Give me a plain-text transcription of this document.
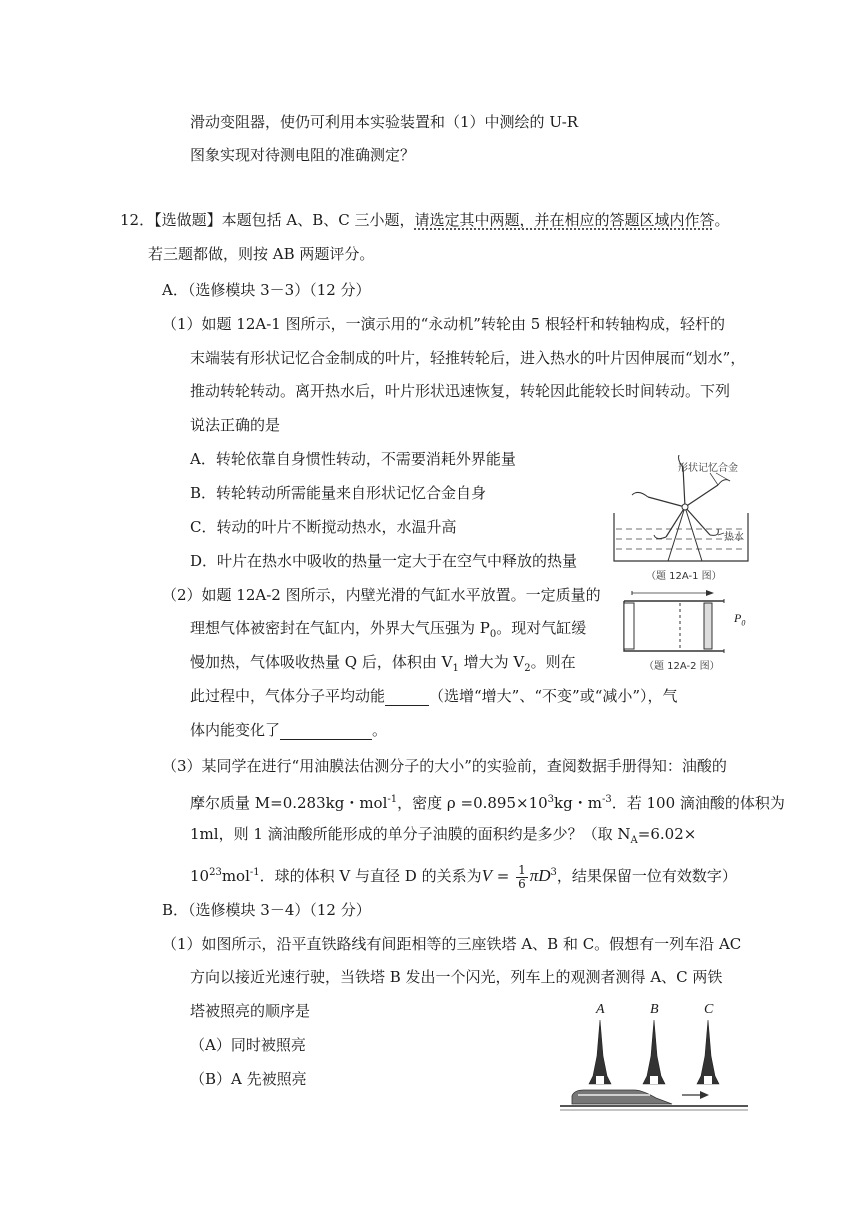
滑动变阻器，使仍可利用本实验装置和（1）中测绘的 U-R
图象实现对待测电阻的准确测定？
12．【选做题】本题包括 A、B、C 三小题，请选定其中两题，并在相应的答题区域内作答。
若三题都做，则按 AB 两题评分。
A．（选修模块 3－3）（12 分）
（1）如题 12A-1 图所示，一演示用的“永动机”转轮由 5 根轻杆和转轴构成，轻杆的
末端装有形状记忆合金制成的叶片，轻推转轮后，进入热水的叶片因伸展而“划水”，
推动转轮转动。离开热水后，叶片形状迅速恢复，转轮因此能较长时间转动。下列
说法正确的是
A．转轮依靠自身惯性转动，不需要消耗外界能量
B．转轮转动所需能量来自形状记忆合金自身
C．转动的叶片不断搅动热水，水温升高
D．叶片在热水中吸收的热量一定大于在空气中释放的热量
形状记忆合金
热水
（题 12A-1 图）
（2）如题 12A-2 图所示，内壁光滑的气缸水平放置。一定质量的
理想气体被密封在气缸内，外界大气压强为 $P_0$。现对气缸缓
慢加热，气体吸收热量 Q 后，体积由 $V_1$ 增大为 $V_2$。则在
此过程中，气体分子平均动能	（选增“增大”、“不变”或“减小”），气
体内能变化了	。
$P_0$
（题 12A-2 图）
（3）某同学在进行“用油膜法估测分子的大小”的实验前，查阅数据手册得知：油酸的
摩尔质量 M=0.283kg・mol$^{-1}$，密度 $\rho =0.895\times 10^3kg$・$m^{-3}$．若 100 滴油酸的体积为
1ml，则 1 滴油酸所能形成的单分子油膜的面积约是多少？（取 $N_A=6.02\times$
$10^{23}mol^{-1}$．球的体积 V 与直径 D 的关系为$V = \frac{1}{6} \pi D^3$，结果保留一位有效数字）
B．（选修模块 3－4）（12 分）
（1）如图所示，沿平直铁路线有间距相等的三座铁塔 A、B 和 C。假想有一列车沿 AC
方向以接近光速行驶，当铁塔 B 发出一个闪光，列车上的观测者测得 A、C 两铁
塔被照亮的顺序是
（A）同时被照亮
（B）A 先被照亮
A	B	C
